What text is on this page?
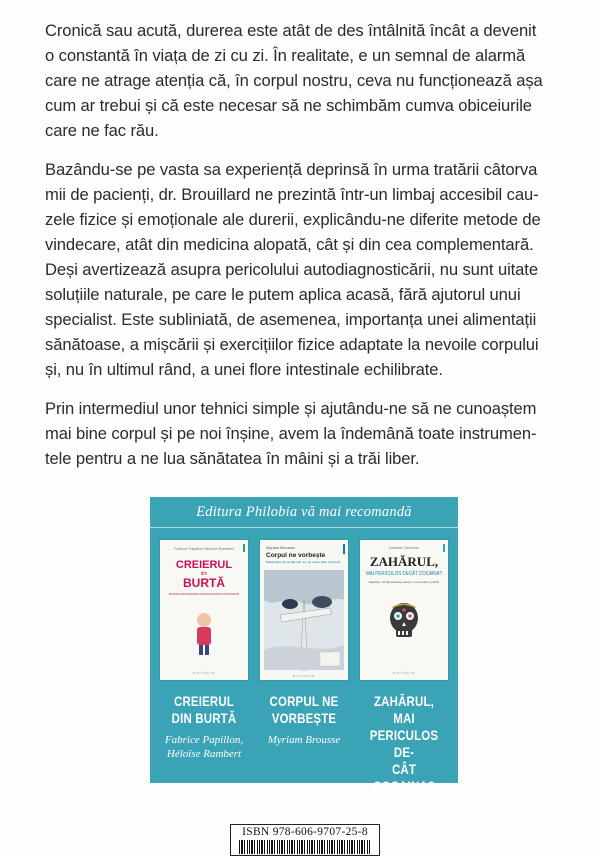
Cronică sau acută, durerea este atât de des întâlnită încât a devenit
o constantă în viața de zi cu zi. În realitate, e un semnal de alarmă
care ne atrage atenția că, în corpul nostru, ceva nu funcționează așa
cum ar trebui și că este necesar să ne schimbăm cumva obiceiurile
care ne fac rău.

Bazându-se pe vasta sa experiență deprinsă în urma tratării câtorva
mii de pacienți, dr. Brouillard ne prezintă într-un limbaj accesibil cau-
zele fizice și emoționale ale durerii, explicându-ne diferite metode de
vindecare, atât din medicina alopată, cât și din cea complementară.
Deși avertizează asupra pericolului autodiagnosticării, nu sunt uitate
soluțiile naturale, pe care le putem aplica acasă, fără ajutorul unui
specialist. Este subliniată, de asemenea, importanța unei alimentații
sănătoase, a mișcării și exercițiilor fizice adaptate la nevoile corpului
și, nu în ultimul rând, a unei flore intestinale echilibrate.

Prin intermediul unor tehnici simple și ajutându-ne să ne cunoaștem
mai bine corpul și pe noi înșine, avem la îndemână toate instrumen-
tele pentru a ne lua sănătatea în mâini și a trăi liber.

Editura Philobia vă mai recomandă
Fabrice Papillon Héloïse Rambert
CREIERUL
din
BURTĂ
DESCOPERIRI ȘTIINȚIFICE RECENTE ȘI SFATURI PRACTICE PENTRU O SĂNĂTATE MAI BUNĂ
philobia
CREIERUL
DIN BURTĂ
Fabrice Papillon,
Héloïse Rambert
Myriam Brousse
Corpul ne vorbește
Metoda simplă de a ne asculta corpul
philobia
CORPUL NE
VORBEȘTE
Myriam Brousse
Danièle Gerkens
ZAHĂRUL,
MAI PERICULOS DECÂT COCAINA?
Metode, soluții practice pentru a renunța la zahăr
philobia
ZAHĂRUL, MAI
PERICULOS DE-
CÂT COCAINA?
Danièle Gerkens
ISBN 978-606-9707-25-8
